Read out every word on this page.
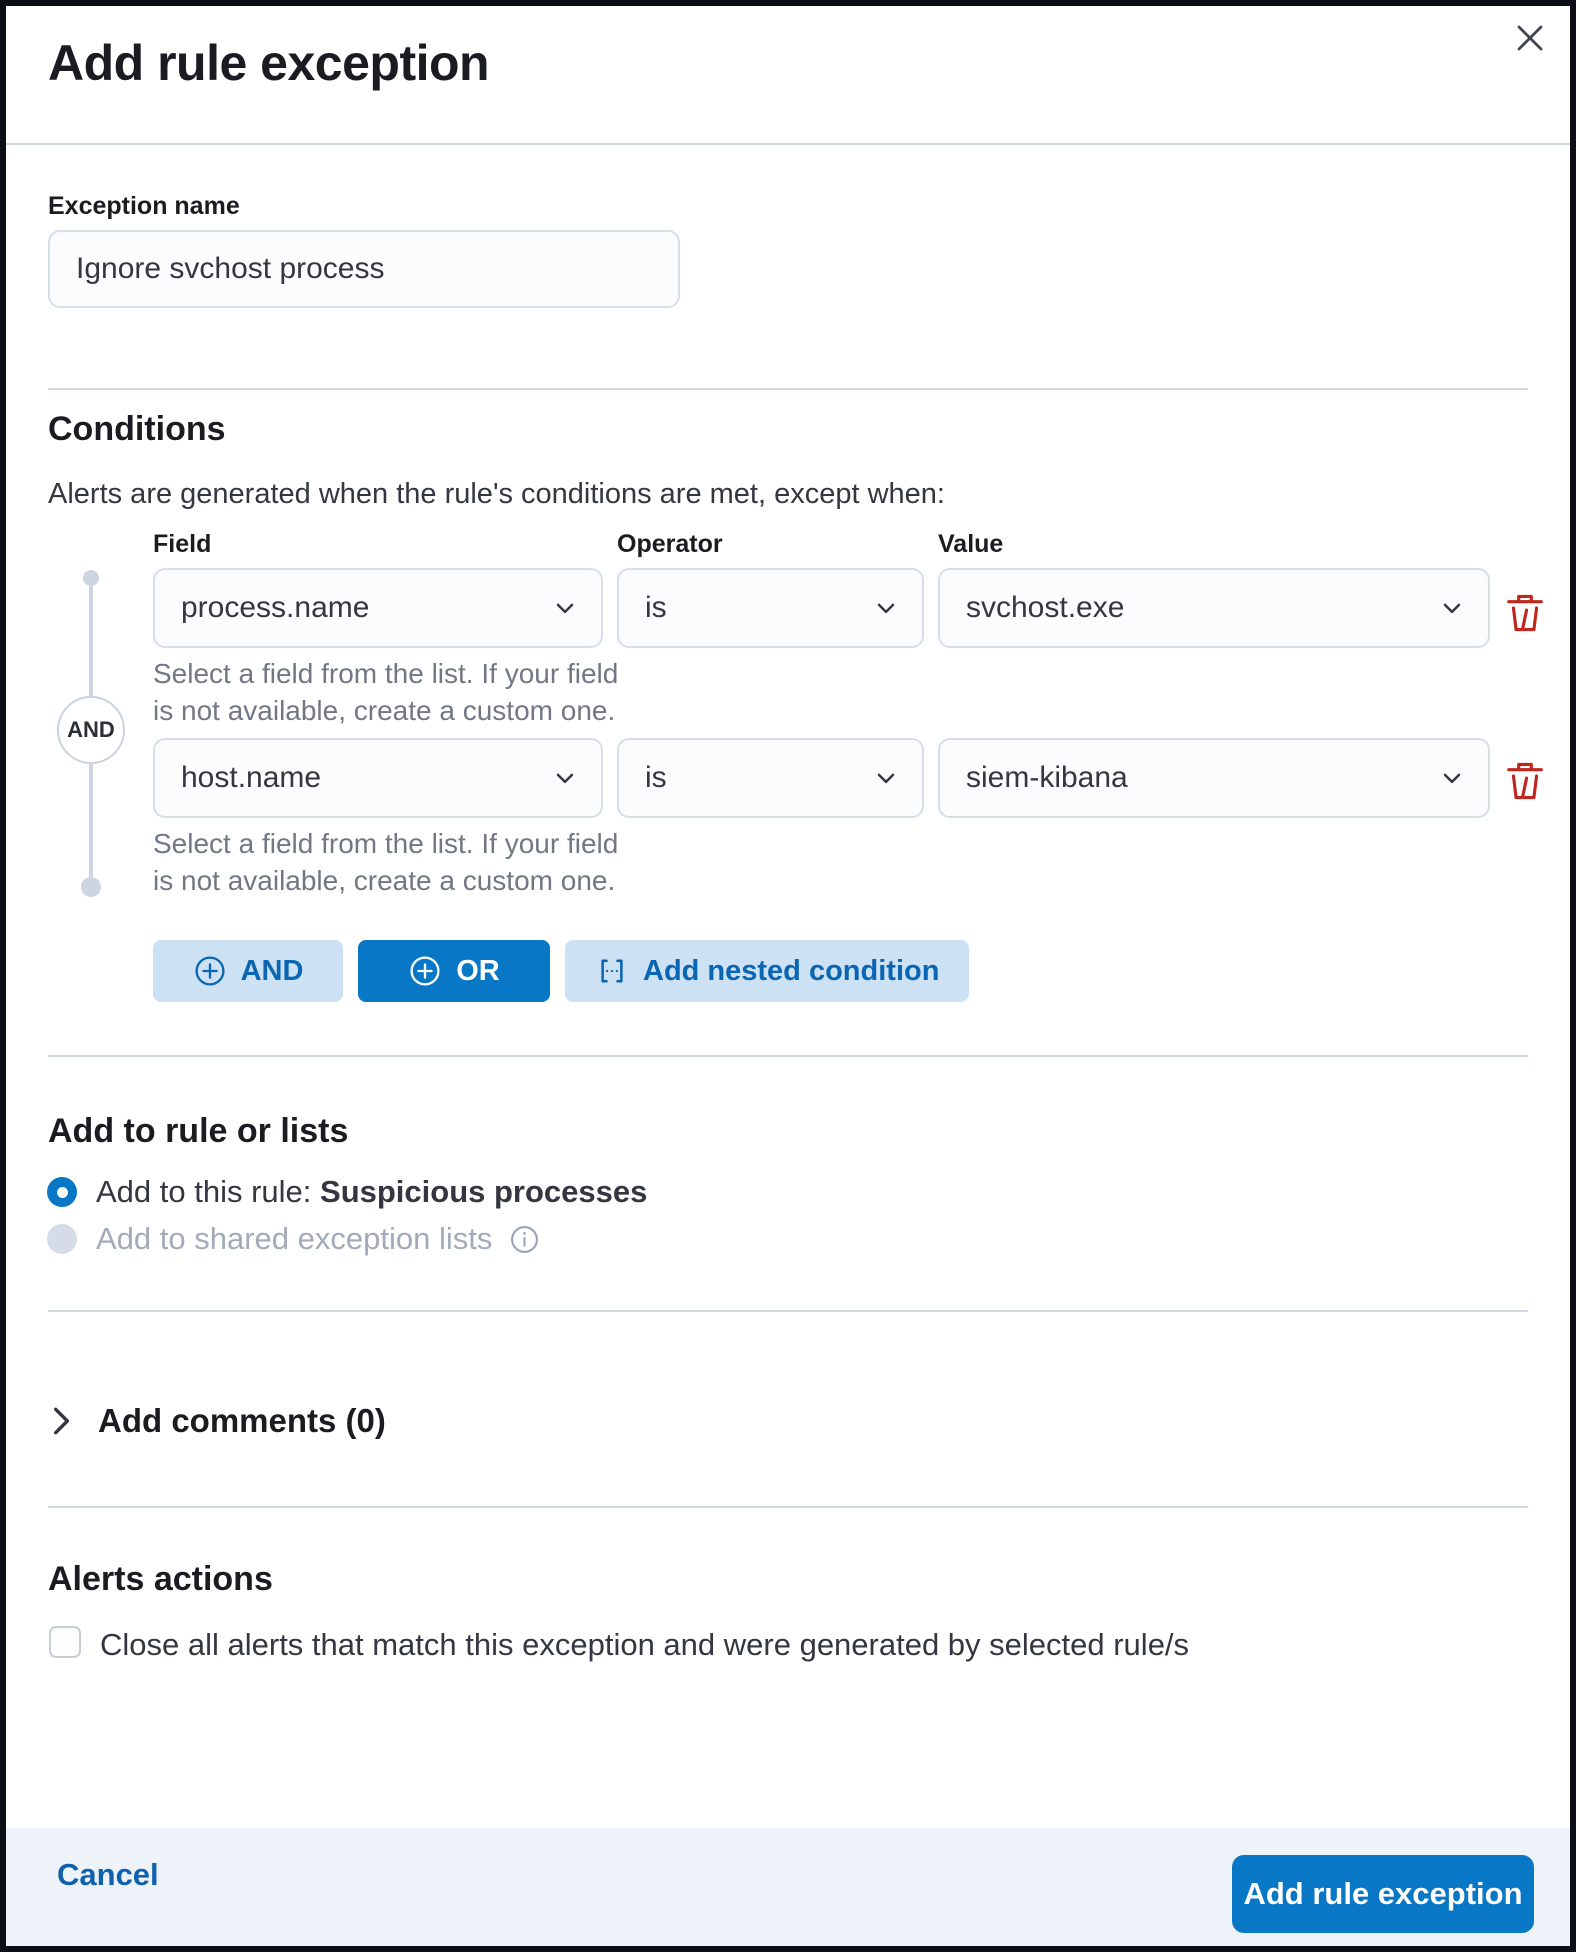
Add rule exception
Exception name
Ignore svchost process
Conditions
Alerts are generated when the rule's conditions are met, except when:
Field	Operator	Value
AND
process.name	is	svchost.exe
Select a field from the list. If your field is not available, create a custom one.
host.name	is	siem-kibana
Select a field from the list. If your field is not available, create a custom one.
AND	OR	Add nested condition
Add to rule or lists
Add to this rule: Suspicious processes
Add to shared exception lists
Add comments (0)
Alerts actions
Close all alerts that match this exception and were generated by selected rule/s
Cancel
Add rule exception
